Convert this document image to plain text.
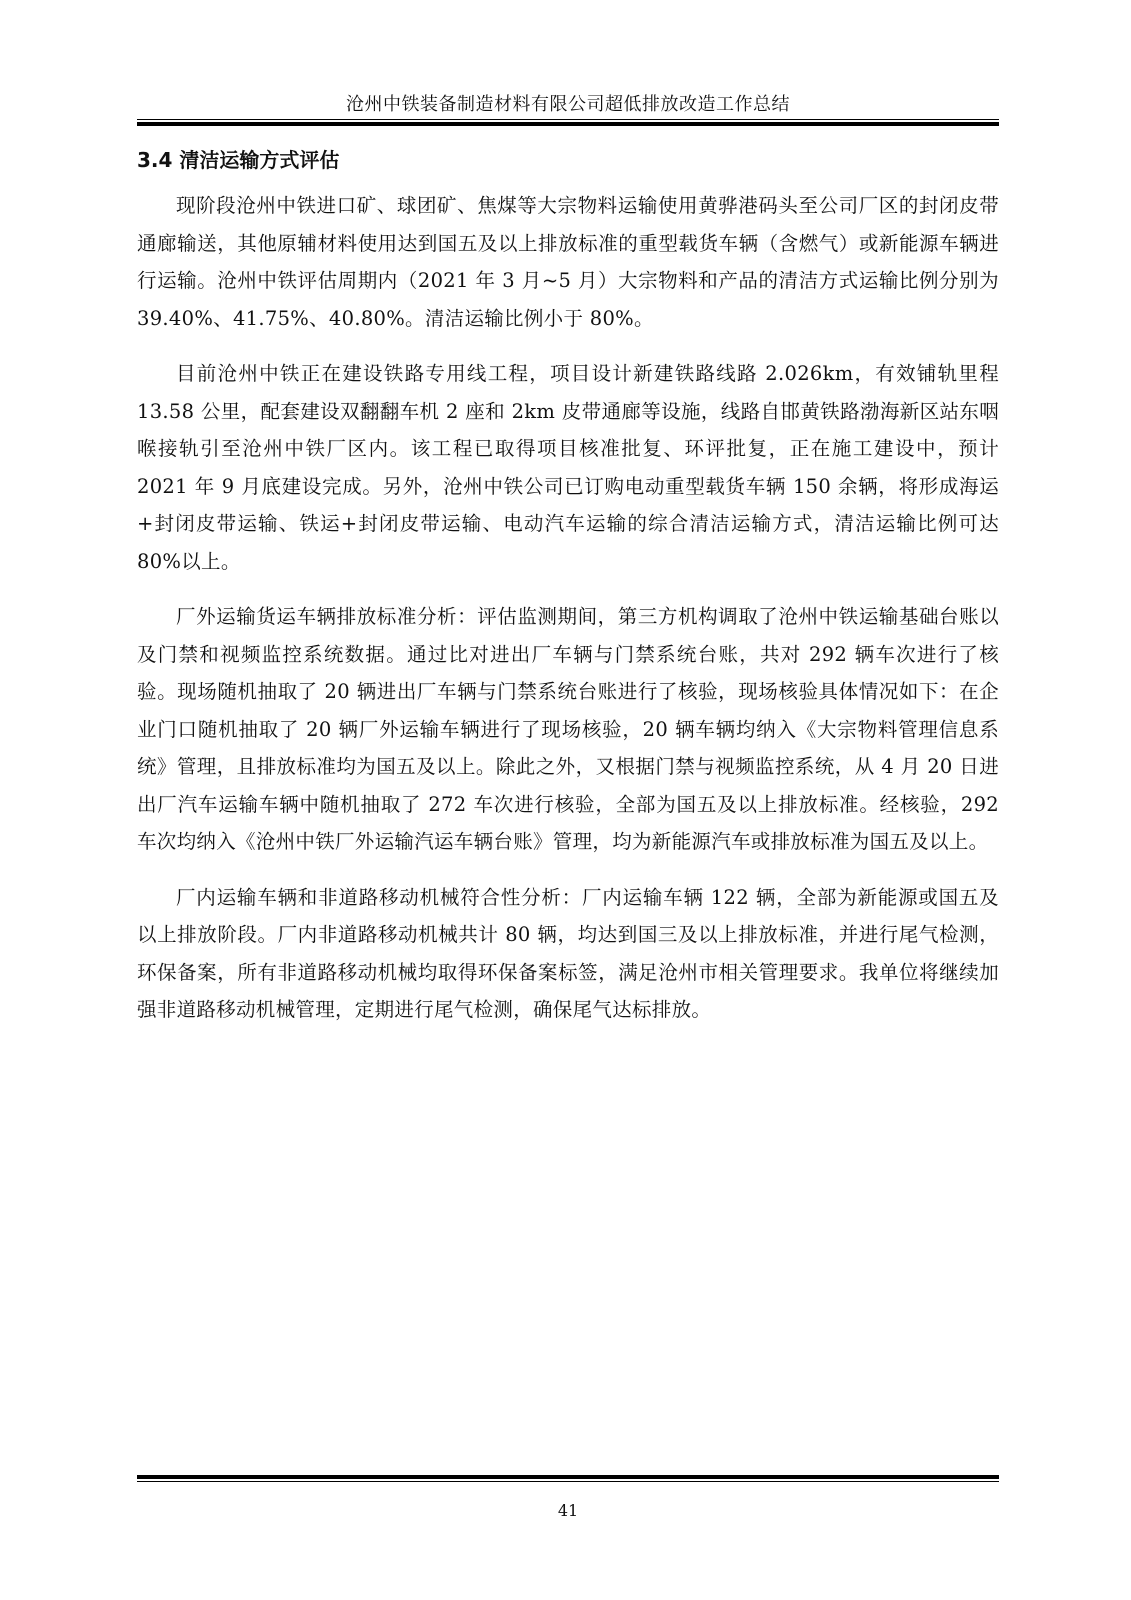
沧州中铁装备制造材料有限公司超低排放改造工作总结
3.4 清洁运输方式评估

现阶段沧州中铁进口矿、球团矿、焦煤等大宗物料运输使用黄骅港码头至公司厂区的封闭皮带通廊输送，其他原辅材料使用达到国五及以上排放标准的重型载货车辆（含燃气）或新能源车辆进行运输。沧州中铁评估周期内（2021 年 3 月~5 月）大宗物料和产品的清洁方式运输比例分别为 39.40%、41.75%、40.80%。清洁运输比例小于 80%。

目前沧州中铁正在建设铁路专用线工程，项目设计新建铁路线路 2.026km，有效铺轨里程 13.58 公里，配套建设双翻翻车机 2 座和 2km 皮带通廊等设施，线路自邯黄铁路渤海新区站东咽喉接轨引至沧州中铁厂区内。该工程已取得项目核准批复、环评批复，正在施工建设中，预计 2021 年 9 月底建设完成。另外，沧州中铁公司已订购电动重型载货车辆 150 余辆，将形成海运+封闭皮带运输、铁运+封闭皮带运输、电动汽车运输的综合清洁运输方式，清洁运输比例可达 80%以上。

厂外运输货运车辆排放标准分析：评估监测期间，第三方机构调取了沧州中铁运输基础台账以及门禁和视频监控系统数据。通过比对进出厂车辆与门禁系统台账，共对 292 辆车次进行了核验。现场随机抽取了 20 辆进出厂车辆与门禁系统台账进行了核验，现场核验具体情况如下：在企业门口随机抽取了 20 辆厂外运输车辆进行了现场核验，20 辆车辆均纳入《大宗物料管理信息系统》管理，且排放标准均为国五及以上。除此之外，又根据门禁与视频监控系统，从 4 月 20 日进出厂汽车运输车辆中随机抽取了 272 车次进行核验，全部为国五及以上排放标准。经核验，292 车次均纳入《沧州中铁厂外运输汽运车辆台账》管理，均为新能源汽车或排放标准为国五及以上。

厂内运输车辆和非道路移动机械符合性分析：厂内运输车辆 122 辆，全部为新能源或国五及以上排放阶段。厂内非道路移动机械共计 80 辆，均达到国三及以上排放标准，并进行尾气检测，环保备案，所有非道路移动机械均取得环保备案标签，满足沧州市相关管理要求。我单位将继续加强非道路移动机械管理，定期进行尾气检测，确保尾气达标排放。

41
